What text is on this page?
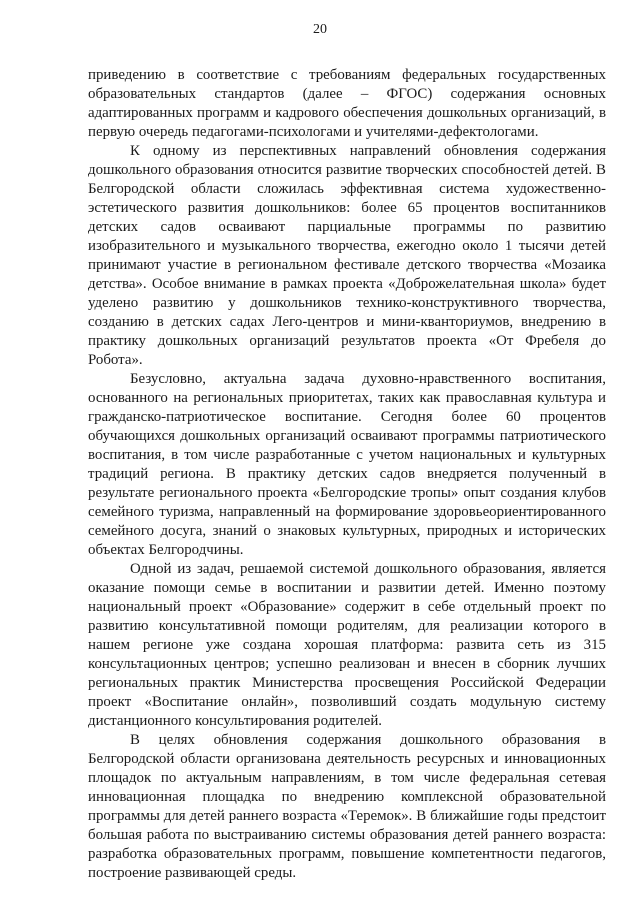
20

приведению в соответствие с требованиям федеральных государственных образовательных стандартов (далее – ФГОС) содержания основных адаптированных программ и кадрового обеспечения дошкольных организаций, в первую очередь педагогами-психологами и учителями-дефектологами.

К одному из перспективных направлений обновления содержания дошкольного образования относится развитие творческих способностей детей. В Белгородской области сложилась эффективная система художественно-эстетического развития дошкольников: более 65 процентов воспитанников детских садов осваивают парциальные программы по развитию изобразительного и музыкального творчества, ежегодно около 1 тысячи детей принимают участие в региональном фестивале детского творчества «Мозаика детства». Особое внимание в рамках проекта «Доброжелательная школа» будет уделено развитию у дошкольников технико-конструктивного творчества, созданию в детских садах Лего-центров и мини-кванториумов, внедрению в практику дошкольных организаций результатов проекта «От Фребеля до Робота».

Безусловно, актуальна задача духовно-нравственного воспитания, основанного на региональных приоритетах, таких как православная культура и гражданско-патриотическое воспитание. Сегодня более 60 процентов обучающихся дошкольных организаций осваивают программы патриотического воспитания, в том числе разработанные с учетом национальных и культурных традиций региона. В практику детских садов внедряется полученный в результате регионального проекта «Белгородские тропы» опыт создания клубов семейного туризма, направленный на формирование здоровьеориентированного семейного досуга, знаний о знаковых культурных, природных и исторических объектах Белгородчины.

Одной из задач, решаемой системой дошкольного образования, является оказание помощи семье в воспитании и развитии детей. Именно поэтому национальный проект «Образование» содержит в себе отдельный проект по развитию консультативной помощи родителям, для реализации которого в нашем регионе уже создана хорошая платформа: развита сеть из 315 консультационных центров; успешно реализован и внесен в сборник лучших региональных практик Министерства просвещения Российской Федерации проект «Воспитание онлайн», позволивший создать модульную систему дистанционного консультирования родителей.

В целях обновления содержания дошкольного образования в Белгородской области организована деятельность ресурсных и инновационных площадок по актуальным направлениям, в том числе федеральная сетевая инновационная площадка по внедрению комплексной образовательной программы для детей раннего возраста «Теремок». В ближайшие годы предстоит большая работа по выстраиванию системы образования детей раннего возраста: разработка образовательных программ, повышение компетентности педагогов, построение развивающей среды.
